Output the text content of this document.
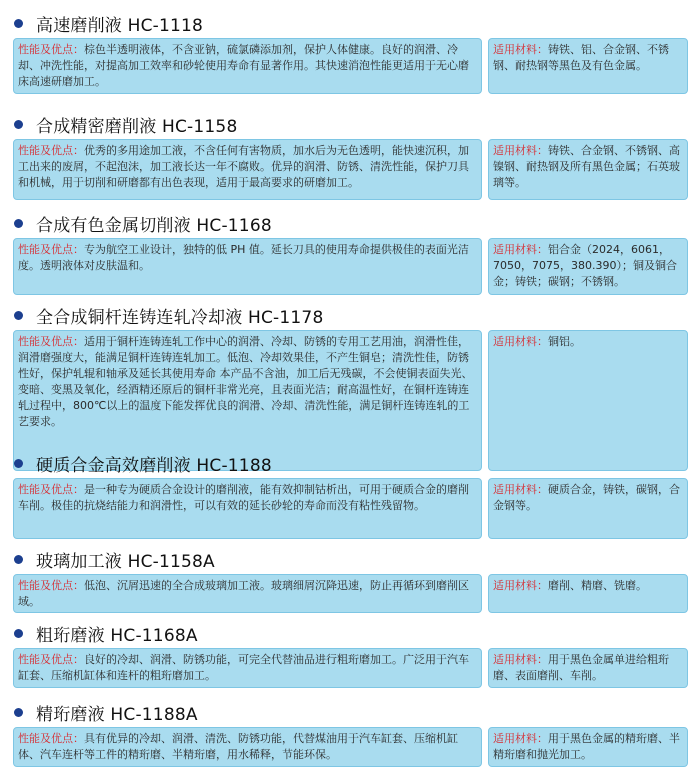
高速磨削液 HC-1118
性能及优点：棕色半透明液体，不含亚钠，硫氯磷添加剂，保护人体健康。良好的润滑、冷却、冲洗性能，对提高加工效率和砂轮使用寿命有显著作用。其快速消泡性能更适用于无心磨床高速研磨加工。
适用材料：铸铁、铝、合金钢、不锈钢、耐热钢等黑色及有色金属。
合成精密磨削液 HC-1158
性能及优点：优秀的多用途加工液，不含任何有害物质，加水后为无色透明，能快速沉积，加工出来的废屑，不起泡沫，加工液长达一年不腐败。优异的润滑、防锈、清洗性能，保护刀具和机械，用于切削和研磨都有出色表现，适用于最高要求的研磨加工。
适用材料：铸铁、合金钢、不锈钢、高镍钢、耐热钢及所有黑色金属；石英玻璃等。
合成有色金属切削液 HC-1168
性能及优点：专为航空工业设计，独特的低 PH 值。延长刀具的使用寿命提供极佳的表面光洁度。透明液体对皮肤温和。
适用材料：铝合金（2024，6061，7050，7075，380.390）；铜及铜合金；铸铁；碳钢；不锈钢。
全合成铜杆连铸连轧冷却液 HC-1178
性能及优点：适用于铜杆连铸连轧工作中心的润滑、冷却、防锈的专用工艺用油，润滑性佳，润滑磨强度大，能满足铜杆连铸连轧加工。低泡、冷却效果佳，不产生铜皂；清洗性佳，防锈性好，保护轧辊和轴承及延长其使用寿命 本产品不含油，加工后无残碳，不会使铜表面失光、变暗、变黑及氧化，经酒精还原后的铜杆非常光亮，且表面光洁；耐高温性好，在铜杆连铸连轧过程中，800℃以上的温度下能发挥优良的润滑、冷却、清洗性能，满足铜杆连铸连轧的工艺要求。
适用材料：铜铝。
硬质合金高效磨削液 HC-1188
性能及优点：是一种专为硬质合金设计的磨削液，能有效抑制钴析出，可用于硬质合金的磨削车削。极佳的抗烧结能力和润滑性，可以有效的延长砂轮的寿命而没有粘性残留物。
适用材料：硬质合金，铸铁，碳钢，合金钢等。
玻璃加工液 HC-1158A
性能及优点：低泡、沉屑迅速的全合成玻璃加工液。玻璃细屑沉降迅速，防止再循环到磨削区域。
适用材料：磨削、精磨、铣磨。
粗珩磨液 HC-1168A
性能及优点：良好的冷却、润滑、防锈功能，可完全代替油品进行粗珩磨加工。广泛用于汽车缸套、压缩机缸体和连杆的粗珩磨加工。
适用材料：用于黑色金属单进给粗珩磨、表面磨削、车削。
精珩磨液 HC-1188A
性能及优点：具有优异的冷却、润滑、清洗、防锈功能，代替煤油用于汽车缸套、压缩机缸体、汽车连杆等工件的精珩磨、半精珩磨，用水稀释，节能环保。
适用材料：用于黑色金属的精珩磨、半精珩磨和抛光加工。
